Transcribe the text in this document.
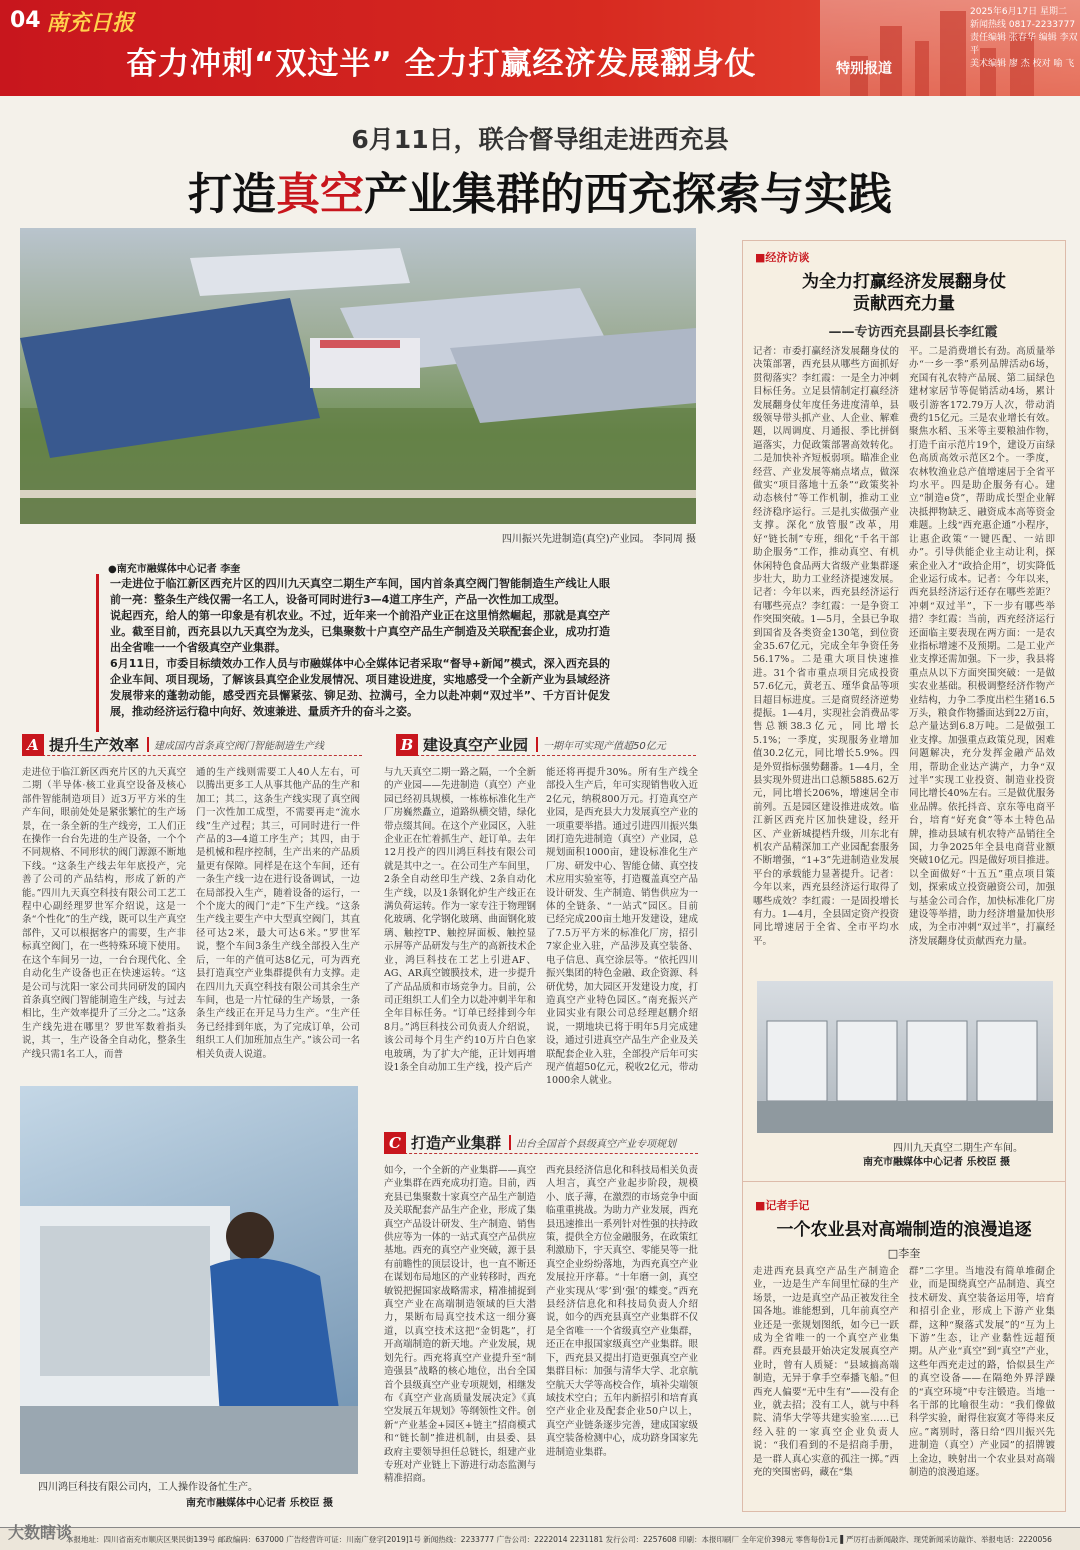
04 南充日报
奋力冲刺“双过半” 全力打赢经济发展翻身仗	特别报道
2025年6月17日 星期二
新闻热线 0817-2233777
责任编辑 张春华 编辑 李双平
美术编辑 廖 杰 校对 喻 飞
6月11日，联合督导组走进西充县
打造真空产业集群的西充探索与实践
四川振兴先进制造(真空)产业园。 李同周 摄
●南充市融媒体中心记者 李奎

一走进位于临江新区西充片区的四川九天真空二期生产车间，国内首条真空阀门智能制造生产线让人眼前一亮：整条生产线仅需一名工人，设备可同时进行3—4道工序生产，产品一次性加工成型。

说起西充，给人的第一印象是有机农业。不过，近年来一个前沿产业正在这里悄然崛起，那就是真空产业。截至目前，西充县以九天真空为龙头，已集聚数十户真空产品生产制造及关联配套企业，成功打造出全省唯一一个省级真空产业集群。

6月11日，市委目标绩效办工作人员与市融媒体中心全媒体记者采取“督导+新闻”模式，深入西充县的企业车间、项目现场，了解该县真空企业发展情况、项目建设进度，实地感受一个全新产业为县域经济发展带来的蓬勃动能，感受西充县懈紧弦、铆足劲、拉满弓，全力以赴冲刺“双过半”、千方百计促发展，推动经济运行稳中向好、效速兼进、量质齐升的奋斗之姿。

A 提升生产效率	建成国内首条真空阀门智能制造生产线
走进位于临江新区西充片区的九天真空二期（半导体·核工业真空设备及核心部件智能制造项目）近3万平方米的生产车间，眼前处处是紧张繁忙的生产场景，在一条全新的生产线旁，工人们正在操作一台台先进的生产设备，一个个不同规格、不同形状的阀门源源不断地下线。“这条生产线去年年底投产，完善了公司的产品结构，形成了新的产能。”四川九天真空科技有限公司工艺工程中心副经理罗世军介绍说，这是一条“个性化”的生产线，既可以生产真空部件，又可以根据客户的需要，生产非标真空阀门，在一些特殊环境下使用。在这个车间另一边，一台台现代化、全自动化生产设备也正在快速运转。“这是公司与沈阳一家公司共同研发的国内首条真空阀门智能制造生产线，与过去相比，生产效率提升了三分之二。”这条生产线先进在哪里？罗世军数着指头说，其一，生产设备全自动化，整条生产线只需1名工人，而普
通的生产线则需要工人40人左右，可以腾出更多工人从事其他产品的生产和加工；其二，这条生产线实现了真空阀门一次性加工成型，不需要再走“流水线”生产过程；其三，可同时进行一件产品的3—4道工序生产；其四，由于是机械和程序控制，生产出来的产品质量更有保障。同样是在这个车间，还有一条生产线一边在进行设备调试，一边在局部投入生产，随着设备的运行，一个个庞大的阀门“走”下生产线。“这条生产线主要生产中大型真空阀门，其直径可达2米，最大可达6米。”罗世军说，整个车间3条生产线全部投入生产后，一年的产值可达8亿元，可为西充县打造真空产业集群提供有力支撑。走在四川九天真空科技有限公司其余生产车间，也是一片忙碌的生产场景，一条条生产线正在开足马力生产。“生产任务已经排到年底，为了完成订单，公司组织工人们加班加点生产。”该公司一名相关负责人说道。
B 建设真空产业园	一期年可实现产值超50亿元
与九天真空二期一路之隔，一个全新的产业园——先进制造（真空）产业园已经初具规模，一栋栋标准化生产厂房巍然矗立，道路纵横交错，绿化带点缀其间。在这个产业园区，入驻企业正在忙着抓生产、赶订单。去年12月投产的四川鸿巨科技有限公司就是其中之一。在公司生产车间里，2条全自动丝印生产线、2条自动化生产线，以及1条钢化炉生产线正在满负荷运转。作为一家专注于物理钢化玻璃、化学钢化玻璃、曲面钢化玻璃、触控TP、触控屏面板、触控显示屏等产品研发与生产的高新技术企业，鸿巨科技在工艺上引进AF、AG、AR真空镀膜技术，进一步提升了产品品质和市场竞争力。目前，公司正组织工人们全力以赴冲刺半年和全年目标任务。“订单已经排到今年8月。”鸿巨科技公司负责人介绍说，该公司每个月生产约10万片白色家电玻璃，为了扩大产能，正计划再增设1条全自动加工生产线，投产后产
能还将再提升30%。所有生产线全部投入生产后，年可实现销售收入近2亿元，纳税800万元。打造真空产业园，是西充县大力发展真空产业的一项重要举措。通过引进四川振兴集团打造先进制造（真空）产业园，总规划面积1000亩，建设标准化生产厂房、研发中心、智能仓储、真空技术应用实验室等，打造覆盖真空产品设计研发、生产制造、销售供应为一体的全链条、“一站式”园区。目前已经完成200亩土地开发建设，建成了7.5万平方米的标准化厂房，招引7家企业入驻，产品涉及真空装备、电子信息、真空涂层等。“依托四川振兴集团的特色金融、政企资源、科研优势，加大园区开发建设力度，打造真空产业特色园区。”南充振兴产业园实业有限公司总经理赵鹏介绍说，一期地块已将于明年5月完成建设，通过引进真空产品生产企业及关联配套企业入驻，全部投产后年可实现产值超50亿元，税收2亿元，带动1000余人就业。
C 打造产业集群	出台全国首个县级真空产业专项规划
如今，一个全新的产业集群——真空产业集群在西充成功打造。目前，西充县已集聚数十家真空产品生产制造及关联配套产品生产企业，形成了集真空产品设计研发、生产制造、销售供应等为一体的一站式真空产品供应基地。西充的真空产业突破，源于县有前瞻性的顶层设计，也一直不断还在谋划布局地区的产业转移时，西充敏锐把握国家战略需求，精准捕捉到真空产业在高端制造领域的巨大潜力，果断布局真空技术这一细分赛道，以真空技术这把“金钥匙”，打开高端制造的新天地。产业发展，规划先行。西充将真空产业提升至“制造强县”战略的核心地位，出台全国首个县级真空产业专项规划，相继发布《真空产业高质量发展决定》《真空发展五年规划》等纲领性文件。创新“产业基金+园区+链主”招商模式和“链长制”推进机制，由县委、县政府主要领导担任总链长，组建产业专班对产业链上下游进行动态监测与精准招商。
西充县经济信息化和科技局相关负责人坦言，真空产业起步阶段，规模小、底子薄，在激烈的市场竞争中面临重重挑战。为助力产业发展，西充县迅速推出一系列针对性强的扶持政策，提供全方位金融服务，在政策红利激励下，宇天真空、零能昊等一批真空企业纷纷落地，为西充真空产业发展拉开序幕。“十年磨一剑，真空产业实现从‘零’到‘强’的蝶变。”西充县经济信息化和科技局负责人介绍说，如今的西充县真空产业集群不仅是全省唯一一个省级真空产业集群，还正在申报国家级真空产业集群。眼下，西充县又提出打造更强真空产业集群目标：加强与清华大学、北京航空航天大学等高校合作，填补尖端领域技术空白；五年内新招引和培育真空产业企业及配套企业50户以上，真空产业链条逐步完善，建成国家级真空装备检测中心，成功跻身国家先进制造业集群。
四川鸿巨科技有限公司内，工人操作设备忙生产。
南充市融媒体中心记者 乐校臣 摄
■经济访谈
为全力打赢经济发展翻身仗
贡献西充力量
——专访西充县副县长李红霞
记者：市委打赢经济发展翻身仗的决策部署，西充县从哪些方面抓好贯彻落实？李红霞：一是全力冲刺目标任务。立足县情制定打赢经济发展翻身仗年度任务进度清单，县级领导带头抓产业、人企业、解难题，以周调度、月通报、季比拼倒逼落实，力促政策部署高效转化。二是加快补齐短板弱项。瞄准企业经营、产业发展等痛点堵点，做深做实“项目落地十五条”“政策奖补动态核付”等工作机制，推动工业经济稳序运行。三是扎实做强产业支撑。深化“放管服”改革，用好“链长制”专班，细化“千名干部助企服务”工作，推动真空、有机休闲特色食品两大省级产业集群逐步壮大，助力工业经济提速发展。记者：今年以来，西充县经济运行有哪些亮点？李红霞：一是争资工作突围突破。1—5月，全县已争取到国省及各类资金130笔，到位资金35.67亿元，完成全年争资任务56.17%。二是重大项目快速推进。31个省市重点项目完成投资57.6亿元，黄老五、瑾华食品等项目超目标进度。三是商贸经济逆势提振。1—4月，实现社会消费品零售总额38.3亿元，同比增长5.1%；一季度，实现服务业增加值30.2亿元，同比增长5.9%。四是外贸指标强势翻番。1—4月，全县实现外贸进出口总额5885.62万元，同比增长206%，增速居全市前列。五是园区建设推进成效。临江新区西充片区加快建设，经开区、产业新城提档升级，川东北有机农产品精深加工产业园配套服务不断增强，“1+3”先进制造业发展平台的承载能力显著提升。记者：今年以来，西充县经济运行取得了哪些成效？李红霞：一是固投增长有力。1—4月，全县固定资产投资同比增速居于全省、全市平均水平。
平。二是消费增长有劲。高质量举办“一乡一季”系列品牌活动6场，充国有礼农特产品展、第二届绿色建材家居节等促销活动4场，累计吸引游客172.79万人次，带动消费约15亿元。三是农业增长有效。聚焦水稻、玉米等主要粮油作物，打造千亩示范片19个，建设万亩绿色高质高效示范区2个。一季度，农林牧渔业总产值增速居于全省平均水平。四是助企服务有心。建立“制造e贷”，帮助成长型企业解决抵押物缺乏、融资成本高等资金难题。上线“西充惠企通”小程序，让惠企政策“一键匹配、一站即办”。引导供能企业主动让利，探索企业入才“政拾企用”，切实降低企业运行成本。记者：今年以来，西充县经济运行还存在哪些差距？冲刺“双过半”，下一步有哪些举措？李红霞：当前，西充经济运行还面临主要表现在两方面：一是农业指标增速不及预期。二是工业产业支撑还需加强。下一步，我县将重点从以下方面突围突破：一是做实农业基础。积极调整经济作物产业结构，力争二季度出栏生猪16.5万头，粮食作物播面达到22万亩，总产量达到6.8万吨。二是做强工业支撑。加强重点政策兑现，困难问题解决，充分发挥金融产品效用，帮助企业达产满产，力争“双过半”实现工业投资、制造业投资同比增长40%左右。三是做优服务业品牌。依托抖音、京东等电商平台，培育“好充食”等本土特色品牌，推动县域有机农特产品销往全国，力争2025年全县电商营业额突破10亿元。四是做好项目推进。以全面做好“十五五”重点项目策划，探索成立投资融资公司，加强与基金公司合作，加快标准化厂房建设等举措，助力经济增量加快形成，为全市冲刺“双过半”，打赢经济发展翻身仗贡献西充力量。
四川九天真空二期生产车间。
南充市融媒体中心记者 乐校臣 摄
■记者手记
一个农业县对高端制造的浪漫追逐
□李奎
走进西充县真空产品生产制造企业，一边是生产车间里忙碌的生产场景，一边是真空产品正被发往全国各地。谁能想到，几年前真空产业还是一张规划图纸，如今已一跃成为全省唯一的一个真空产业集群。西充县最开始决定发展真空产业时，曾有人质疑：“县域搞高端制造，无异于拿手空奉播飞船。”但西充人偏要“无中生有”——没有企业，就去招；没有工人，就与中科院、清华大学等共建实验室……已经入驻的一家真空企业负责人说：“我们看到的不是招商手册，是一群人真心实意的孤注一掷。”西充的突围密码，藏在“集
群”二字里。当地没有简单堆砌企业，而是围绕真空产品制造、真空技术研发、真空装备运用等，培育和招引企业，形成上下游产业集群，这种“聚落式发展”的“互为上下游”生态，让产业黏性远超预期。从产业“真空”到“真空”产业，这些年西充走过的路，恰似县生产的真空设备——在隔绝外界浮躁的“真空环境”中专注锻造。当地一名干部的比喻很生动：“我们像做科学实验，耐得住寂寞才等得来反应。”离别时，落日给“四川振兴先进制造（真空）产业园”的招牌镀上金边，映射出一个农业县对高端制造的浪漫追逐。
本报地址：四川省南充市顺庆区果民街139号 邮政编码：637000 广告经营许可证：川南广登字[2019]1号 新闻热线：2233777 广告公司：2222014 2231181 发行公司：2257608 印刷：本报印刷厂 全年定价398元 零售每份1元 ▌严厉打击新闻敲诈、现凭新闻采访敲诈、举报电话：2220056
大数瞎谈
